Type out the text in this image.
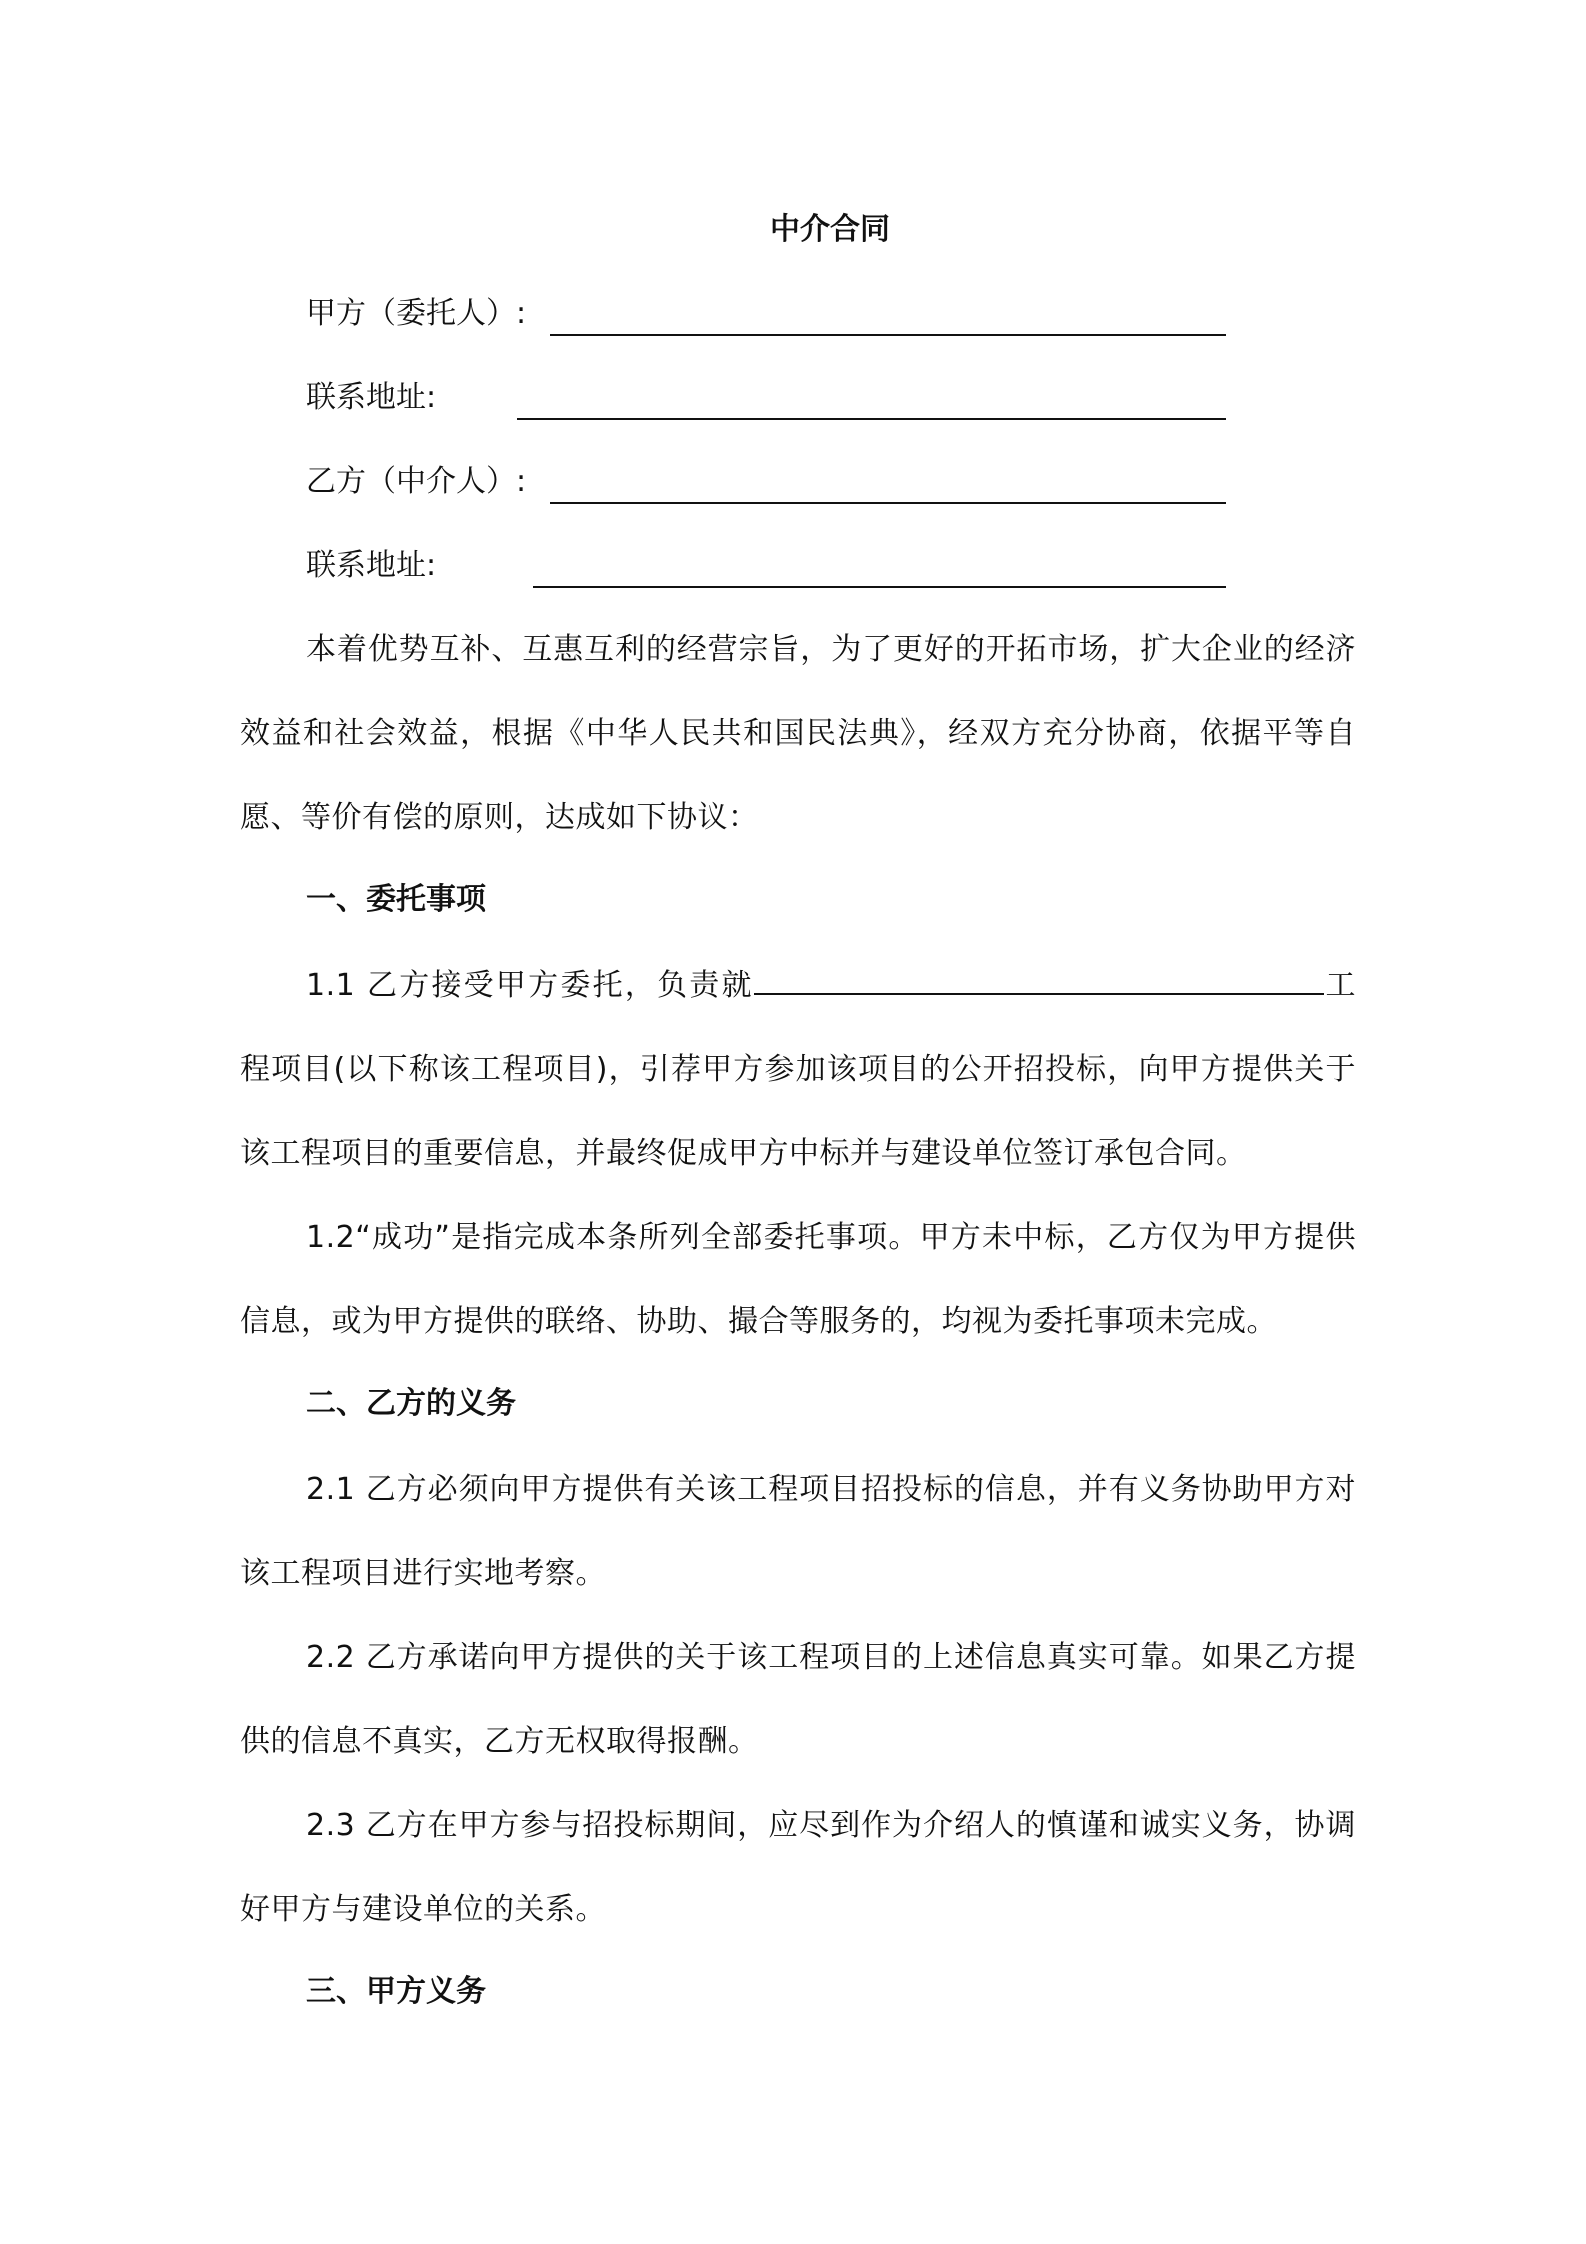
中介合同
甲方（委托人）:
联系地址:
乙方（中介人）:
联系地址:
本着优势互补、互惠互利的经营宗旨，为了更好的开拓市场，扩大企业的经济效益和社会效益，根据《中华人民共和国民法典》，经双方充分协商，依据平等自愿、等价有偿的原则，达成如下协议：
一、委托事项
1.1 乙方接受甲方委托，负责就	工程项目(以下称该工程项目)，引荐甲方参加该项目的公开招投标，向甲方提供关于该工程项目的重要信息，并最终促成甲方中标并与建设单位签订承包合同。
1.2“成功”是指完成本条所列全部委托事项。甲方未中标，乙方仅为甲方提供信息，或为甲方提供的联络、协助、撮合等服务的，均视为委托事项未完成。
二、乙方的义务
2.1 乙方必须向甲方提供有关该工程项目招投标的信息，并有义务协助甲方对该工程项目进行实地考察。
2.2 乙方承诺向甲方提供的关于该工程项目的上述信息真实可靠。如果乙方提供的信息不真实，乙方无权取得报酬。
2.3 乙方在甲方参与招投标期间，应尽到作为介绍人的慎谨和诚实义务，协调好甲方与建设单位的关系。
三、甲方义务
